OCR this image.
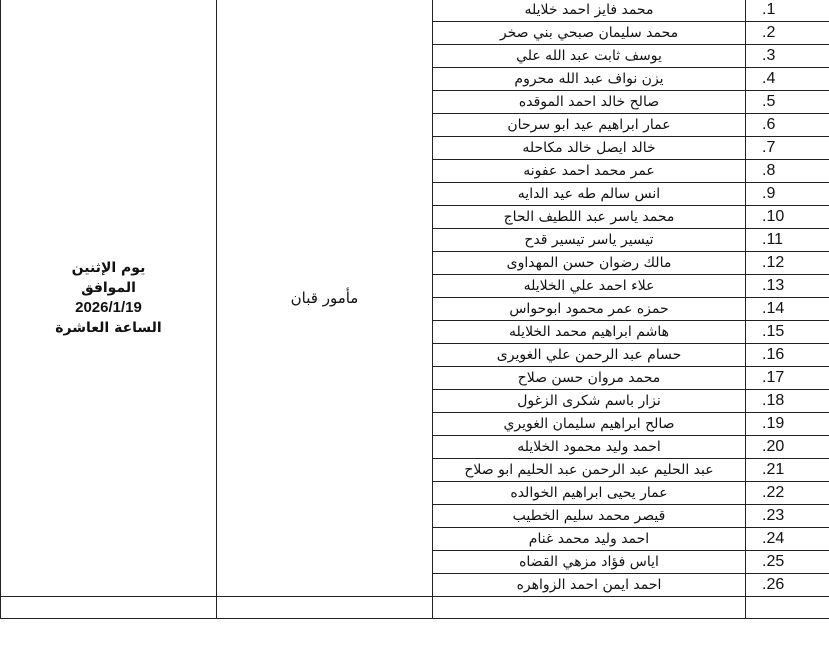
يوم الإثنين
الموافق
2026/1/19
الساعة العاشرة	مأمور قبان	محمد فايز احمد خلايله	.1
		محمد سليمان صبحي بني صخر	.2
		يوسف ثابت عبد الله علي	.3
		يزن نواف عبد الله محروم	.4
		صالح خالد احمد الموقده	.5
		عمار ابراهيم عيد ابو سرحان	.6
		خالد ايصل خالد مكاحله	.7
		عمر محمد احمد عفونه	.8
		انس سالم طه عيد الدايه	.9
		محمد ياسر عبد اللطيف الحاج	.10
		تيسير ياسر تيسير قدح	.11
		مالك رضوان حسن المهداوى	.12
		علاء احمد علي الخلايله	.13
		حمزه عمر محمود ابوحواس	.14
		هاشم ابراهيم محمد الخلايله	.15
		حسام عبد الرحمن علي الغويرى	.16
		محمد مروان حسن صلاح	.17
		نزار باسم شكرى الزغول	.18
		صالح ابراهيم سليمان الغويري	.19
		احمد وليد محمود الخلايله	.20
		عبد الحليم عبد الرحمن عبد الحليم ابو صلاح	.21
		عمار يحيى ابراهيم الخوالده	.22
		قيصر محمد سليم الخطيب	.23
		احمد وليد محمد غنام	.24
		اياس فؤاد مزهي القضاه	.25
		احمد ايمن احمد الزواهره	.26
